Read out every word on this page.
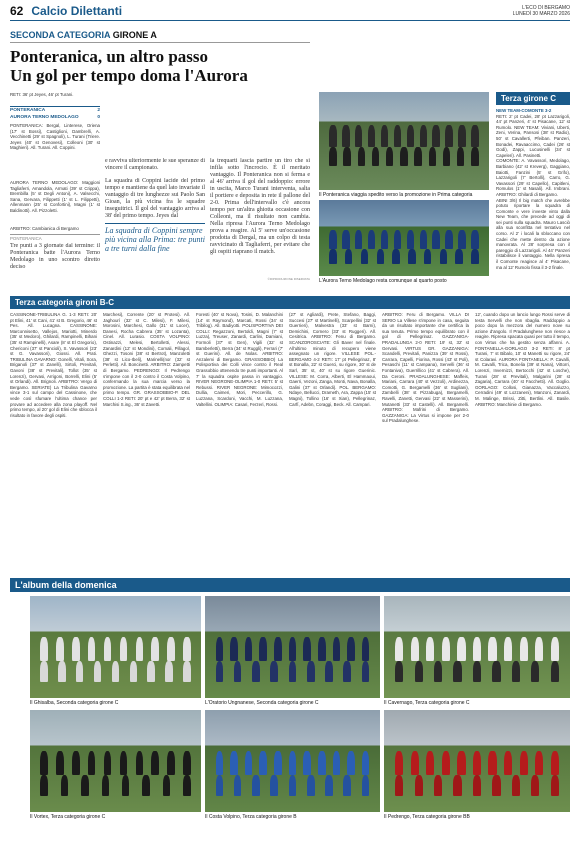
62 Calcio Dilettanti	L'ECO DI BERGAMO
LUNEDÌ 30 MARZO 2026
SECONDA CATEGORIA GIRONE A
Ponteranica, un altro passo
Un gol per tempo doma l'Aurora
RETI: 36' pt Jeyes, 46' pt Turani.
PONTERANICA	2
AURORA TERNO MEDOLAGO	0
PONTERANICA: Bergal, Linterese, Oriena (17' st Bossi), Castiglioni, Dambrelli, A. Vecchinetti (29' st Spagnoli), L. Turani (Triere. Jeyes (40' st Genovesi), Colleoni (30' st Maghieri). All. Turani. All. Coppini.
AURORA TERNO MEDOLAGO: Maggioni Tagliaferri, Amandola, Armati (39' st Crippa), Brembilla (5' st Degli Antoni), A. Valsecchi, Sana, Gervara, Filippetti (1' st L. Filippetti), Allenmann (25' st Confortini), Magni (1' st Baldinotti). All. Pizzoletti.
ARBITRO: Cambianica di Bergamo
PONTERANICA
Tre punti a 3 giornate dal termine: il Ponteranica batte l'Aurora Terno Medolago in uno scontro diretto deciso
e ravviva ulteriormente le sue speranze di vincere il campionato.
La squadra di Coppini lacide del primo tempo e mantiene da quel lato invariate il vantaggio di tre lunghezze sui Paolo San Gioan, la più vicina fra le squadre inseguitrici. Il gol del vantaggio arriva al 38' del primo tempo. Jeyes dal
La squadra di Coppini sempre più vicina alla Prima: tre punti a tre turni dalla fine
la trequarti lascia partire un tiro che si infila sotto l'incrocio. È il meritato vantaggio. Il Ponteranica non si ferma e al 46' arriva il gol del raddoppio: errore in uscita, Marco Turani interventa, salta il portiere e deposita in rete il pallone del 2-0. Prima dell'intervallo c'è ancora tempo per un'altra ghiotta occasione con Colleoni, ma il risultato non cambia. Nella ripresa l'Aurora Terno Medolago prova a reagire. Al 5' serve un'occasione prodotta di Dergal, ma un colpo di testa ravvicinato di Tagliaferri, per evitare che gli ospiti riaprano il match.
©RIPRODUZIONE RISERVATA
Il Ponteranica viaggia spedito verso la promozione in Prima categoria
L'Aurora Terno Medolago resta comunque al quarto posto
Terza girone C
NEW TEAM-COMONTE 3-2
RETI: 2' pt Cadei, 28' pt Lazzarigoli, 44' pt Panzeri, 4' st Pisacane, 12' st Rumolo. NEW TEAM: Viviani, Uberti, Zeni, Verina, Pansosi (38' st Radio), 50' st Cavallerti, Pfeiban. Panzeri, Bonadei, Ravaaccimo, Cadei (26' st Godi), Zappi, Lucusinelli (34' st Capeleri). All. Pasinetti.
COMONTE: A. Vavassori, Medolago, Barbiano (42' st Kreverg), Gaggiano, Baiotti, Fanzini (5' st Grifo), Lazzarigoli (7' Bertolli), Carro, G. Vavassori (29' st Capello), Capitleni, Romulos (1' st Nasali). All. Imbrani. ARBITRO: Ghilardi di Bergamo.
ABINI 3/6) Il big match che avrebbe potuto riportare la squadra di Comonte e vere investe vinto dalla New Team, che precede ad oggi di sei punti sulla squadra. Mauro Lasciò alla sua sconfitta nel tentativo nel corso. Al 2' i locali la sbloccano con Cadei che mette dentro da azione manovrata. Al 28' sorpresa con il pareggio di Lazzarigoli. Al 44' Panzeri ristabilisce il vantaggio. Nella ripresa il Comonte reagisce al 4' Pisacane, ma al 12' Rumolo fissa il 3-2 finale.
Terza categoria gironi B-C
CASSINONE-TRIBULINA G. 1-3 RETI: 20' pt Elini, 41' st Cani, 41' st B. Gregorio, 46' st Pes. All. Lucagna. CASSINONE: Marconnisetto, Vallejos, Mariotti, Minerdo (35' st Medoro), Ghilardi, Rampinelli, Bihani (35' st Rampinelli), Asare (8' st El Gregorio), Chericoni (37' st Pancioli), S. Vavassori (23' st G. Vavassori), Giossi. All. Prati. TRIBULINA GAVARNO: Gonelli, Vitali, Sora, Briganoli (37' st Zanelli), Sirtoli, Previtali, Gavoni (38' st Previtali), Tollot (35' st Lorenzi), Gervasi, Arrigoni, Borrelli, Elini (5' st Orlandi). All. Brignoli. ARBITRO: Vergo di Bergamo. SERIATE) La Tribulina Gavarno vince 3-1 sul campo del Cassinone, che vede così sfumare l'ultima chance per provare ad accedere alla zona playoff. Nel primo tempo, al 20' gol di Elini che sblocca il risultato in favore degli ospiti.
Marchesi), Corrente (20' st Protesi). All. Jaghourí (32' st C. Milesi), F. Milesi, Morosini, Marchesi, Gallo (31' st Locer), Danesi, Rocha Cabrera (35' st Lozanta), Cinel. All. Lurasio. COSTA VOLPINO: Ostinazzi, Melesi, Bertolletti, Alessi, Zanardini (12' st Mondini), Cornali, Pillagol, Ghezzi, Tosoni (38' st Bertrot), Manzoletti (38' st Lico-Ibeli), Marinelli(nor (32' st Perletti). All. Boncinetti. ARBITRO: Zampetti di Bergamo. PEDRENGO: Il Pedrengo s'impone con il 2-0 contro il Costa Volpino, confermando la sua marcia verso la promozione. La partita è stata equilibrata nel primo tempo. GR. GRASSOBBIO-P. DEL COLLI 1-2 RETI: 20' pt e 42' pt Berra, 32' st Marchisi S.ing., 36' st Zavetti.
Foresti (40' st Nova), Tosini, D. Malanchini (14' st Raymond), Marcati, Rossi (34' st Tribilog). All. Badiyotti. POLISPORTIVA DEI COLLI: Regazzoni, Bertoldi, Magni (7' st Luzza), Treuser, Zanardi, Carlini, Damiani, Formoli (37' st Gen), Vigili (32' st Bamberletti), Berra (34' st Ruggli), Ferrari (7' st Guerini). All. de Nolas. ARBITRO: Anzalemi di Bergamo. GRASSOBBIO) La Polisportiva dei Colli vince contro il Real Grassobbio ottenendo tre punti importanti. Al 7' la squadra ospite passa in vantaggio. RIVER NEGRONE-OLIMPIA 1-0 RETI: 5' st Rebussi. RIVER NEGRONE: Mimocozzi, Dullia, Caimeri, Mori, Peccerillo, G. Luzzana, Scardoni, Vacchi, M. Luzzana, Valtellini. OLIMPIA: Casari, Ferzeri, Rossi.
(27' st Agliardi), Prete, Stefano, Baggi, Succesi (27' st Martinelli), Scarpellini (32' st Guerrieri), Malvestra (33' st Barni), Demichini, Cornero (33' st Ruggeri). All. Cesitrica. ARBITRO: Fenu di Bergamo. SCANZOROSCIATE: Gli Baver nel finale. All'ultimo minuto di recupero viene assegnato un rigore. VILLESE POL.-BERGAMO 4-2 RETI: 17' pt Pellegrinaz, 8' st Bonalla, 22' st Guerci, su rigore, 30' st de Sarl, 35' st, 40' st su rigore Guerinic. VILLESE: M. Corra, Alberti, El Hammaoui, Gaerri, Vezoni, Zanga, Monti, Nava, Bonalla, Galini (37' st Orlandi). POL. BERGAMO: Ndaye, Bellucci, Drameth, Ara, Zappa (15' st Magni), Tollino (16' st Xian), Pellegrinaz, Carfí, Adebn, Coraggi, Beck. All. Campari.
ARBITRO: Feru di Bergamo. VILLA DI SERIO La Villese s'impone in casa, seguita da un risultato importante che certifica la sua tenuta. Primo tempo equilibrato con il gol di Pellegrinaz. GAZZANIGA-PRADALUNGA 2-0 RETI: 19' st, 32' st Gervasi. VIRTUS GR. GAZZANIGA: Scandelli, Previtali, Panizza (39' st Rossi), Carrara, Capelli, Fiorina, Rossi (43' st Poli), Pesaschi (11' st Campana), Servelli (36' st Fontaniva), Guerrillico (41' st Cabrera). All. Da Ceroni. PRADALUNGHESE: Maffeis, Mariani, Carrara (40' st Vezzoli), Ardinezza, Comotti, G. Bergamelli (36' st Sugliani), Zambelli (38' st Pizzabuga), Bergamelli, Ravelli, Zanetti, Gervasi (22' st Masserini), Mutanetti (33' st Castelli). All. Bergamelli. ARBITRO: Mafrini di Bergamo. GAZZANIGA: La Virtus si impone per 2-0 sul Pradalunghese.
12', cuando dopo un lancio lungo Rossi serve di testa Servelli che non sbaglia. Raddoppio a poco dopo la mezzora del numero nove su azione d'angolo. Il Pradalunghese non riesce a reagire. Ripresa spacata quasi per tutto il tempo, con Virtus che ha gestito senza affanni. A. FONTANELLA-GORLAGO 3-2 RETI: 8' pt Turani, 7' st Bibalo, 10' st Manetti su rigore, 24' st Colaravi. AURORA FONTANELLA: P. Cavalli, M. Cavalli, Trica, Bonelia (39' st Nana), Vittorri, Lorenzi, Invernizzi, Bertocchi (42' st Losche), Turani (28' st Previtali), Malgarini (28' st Zagaria), Carrara (40' st Facchetti). All. Goglio. GORLAGO: Collosi, Gianazza, Vaccaluzzo, Cerradini (49' st Lozzaneni), Manzoni, Zanardi, M. Malinge, Brissi, Zitti, Bertlini. All. Basile. ARBITRO: Manchinie di Bergamo.
L'album della domenica
Il Ghisalba, Seconda categoria girone C	L'Oratorio Ungnanese, Seconda categoria girone C	Il Cavernago, Terza categoria girone C
Il Vortex, Terza categoria girone C	Il Costa Volpino, Terza categoria girone B	Il Pedrengo, Terza categoria girone BB
